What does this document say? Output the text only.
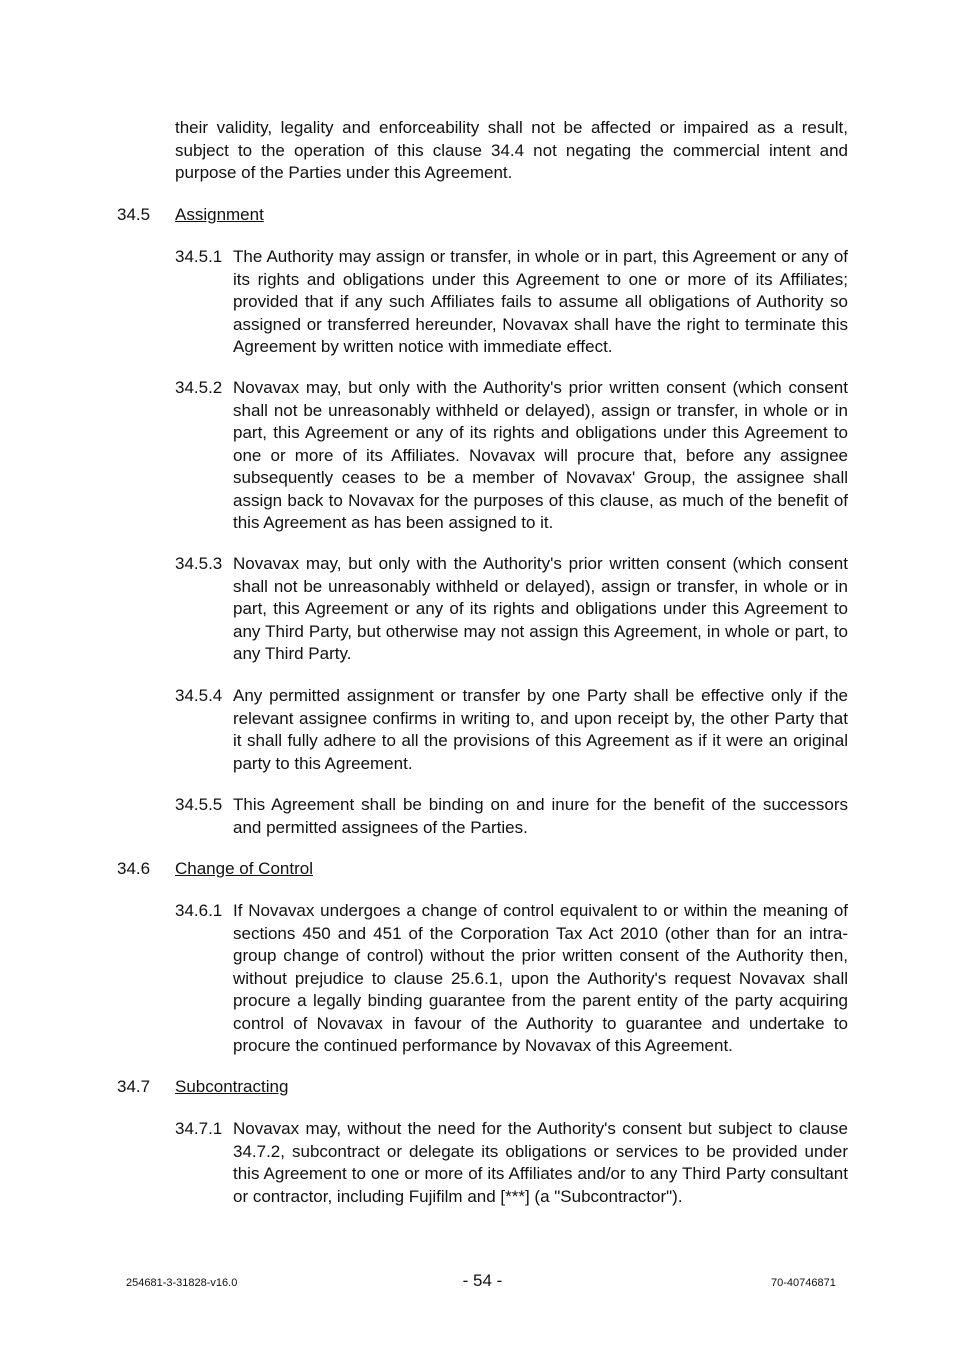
their validity, legality and enforceability shall not be affected or impaired as a result, subject to the operation of this clause 34.4 not negating the commercial intent and purpose of the Parties under this Agreement.

34.5 Assignment
34.5.1 The Authority may assign or transfer, in whole or in part, this Agreement or any of its rights and obligations under this Agreement to one or more of its Affiliates; provided that if any such Affiliates fails to assume all obligations of Authority so assigned or transferred hereunder, Novavax shall have the right to terminate this Agreement by written notice with immediate effect.

34.5.2 Novavax may, but only with the Authority's prior written consent (which consent shall not be unreasonably withheld or delayed), assign or transfer, in whole or in part, this Agreement or any of its rights and obligations under this Agreement to one or more of its Affiliates. Novavax will procure that, before any assignee subsequently ceases to be a member of Novavax' Group, the assignee shall assign back to Novavax for the purposes of this clause, as much of the benefit of this Agreement as has been assigned to it.

34.5.3 Novavax may, but only with the Authority's prior written consent (which consent shall not be unreasonably withheld or delayed), assign or transfer, in whole or in part, this Agreement or any of its rights and obligations under this Agreement to any Third Party, but otherwise may not assign this Agreement, in whole or part, to any Third Party.

34.5.4 Any permitted assignment or transfer by one Party shall be effective only if the relevant assignee confirms in writing to, and upon receipt by, the other Party that it shall fully adhere to all the provisions of this Agreement as if it were an original party to this Agreement.

34.5.5 This Agreement shall be binding on and inure for the benefit of the successors and permitted assignees of the Parties.

34.6 Change of Control
34.6.1 If Novavax undergoes a change of control equivalent to or within the meaning of sections 450 and 451 of the Corporation Tax Act 2010 (other than for an intra-group change of control) without the prior written consent of the Authority then, without prejudice to clause 25.6.1, upon the Authority's request Novavax shall procure a legally binding guarantee from the parent entity of the party acquiring control of Novavax in favour of the Authority to guarantee and undertake to procure the continued performance by Novavax of this Agreement.

34.7 Subcontracting
34.7.1 Novavax may, without the need for the Authority's consent but subject to clause 34.7.2, subcontract or delegate its obligations or services to be provided under this Agreement to one or more of its Affiliates and/or to any Third Party consultant or contractor, including Fujifilm and [***] (a "Subcontractor").

254681-3-31828-v16.0	- 54 -	70-40746871
